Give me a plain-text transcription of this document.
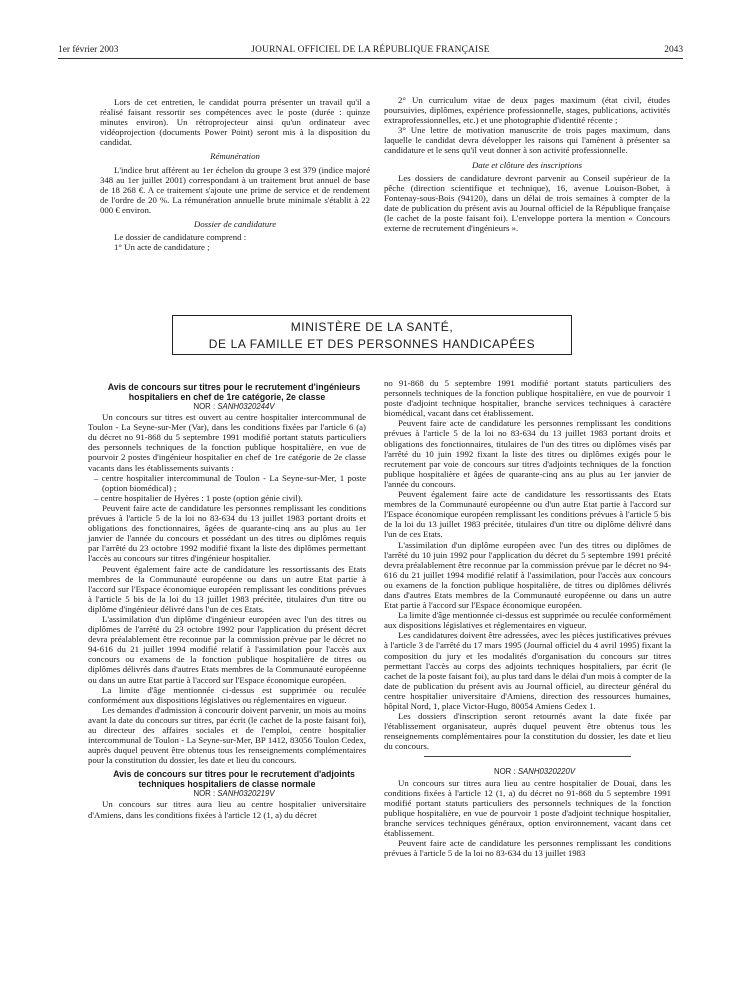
1er février 2003	JOURNAL OFFICIEL DE LA RÉPUBLIQUE FRANÇAISE	2043

Lors de cet entretien, le candidat pourra présenter un travail qu'il a réalisé faisant ressortir ses compétences avec le poste (durée : quinze minutes environ). Un rétroprojecteur ainsi qu'un ordinateur avec vidéoprojection (documents Power Point) seront mis à la disposition du candidat.

Rémunération

L'indice brut afférent au 1er échelon du groupe 3 est 379 (indice majoré 348 au 1er juillet 2001) correspondant à un traitement brut annuel de base de 18 268 €. A ce traitement s'ajoute une prime de service et de rendement de l'ordre de 20 %. La rémunération annuelle brute minimale s'établit à 22 000 € environ.

Dossier de candidature

Le dossier de candidature comprend :

1° Un acte de candidature ;

2° Un curriculum vitae de deux pages maximum (état civil, études poursuivies, diplômes, expérience professionnelle, stages, publications, activités extraprofessionnelles, etc.) et une photographie d'identité récente ;

3° Une lettre de motivation manuscrite de trois pages maximum, dans laquelle le candidat devra développer les raisons qui l'amènent à présenter sa candidature et le sens qu'il veut donner à son activité professionnelle.

Date et clôture des inscriptions

Les dossiers de candidature devront parvenir au Conseil supérieur de la pêche (direction scientifique et technique), 16, avenue Louison-Bobet, à Fontenay-sous-Bois (94120), dans un délai de trois semaines à compter de la date de publication du présent avis au Journal officiel de la République française (le cachet de la poste faisant foi). L'enveloppe portera la mention « Concours externe de recrutement d'ingénieurs ».

MINISTÈRE DE LA SANTÉ,
DE LA FAMILLE ET DES PERSONNES HANDICAPÉES

Avis de concours sur titres pour le recrutement d'ingénieurs hospitaliers en chef de 1re catégorie, 2e classe

NOR : SANH0320244V

Un concours sur titres est ouvert au centre hospitalier intercommunal de Toulon - La Seyne-sur-Mer (Var), dans les conditions fixées par l'article 6 (a) du décret no 91-868 du 5 septembre 1991 modifié portant statuts particuliers des personnels techniques de la fonction publique hospitalière, en vue de pourvoir 2 postes d'ingénieur hospitalier en chef de 1re catégorie de 2e classe vacants dans les établissements suivants :

– centre hospitalier intercommunal de Toulon - La Seyne-sur-Mer, 1 poste (option biomédical) ;

– centre hospitalier de Hyères : 1 poste (option génie civil).

Peuvent faire acte de candidature les personnes remplissant les conditions prévues à l'article 5 de la loi no 83-634 du 13 juillet 1983 portant droits et obligations des fonctionnaires, âgées de quarante-cinq ans au plus au 1er janvier de l'année du concours et possédant un des titres ou diplômes requis par l'arrêté du 23 octobre 1992 modifié fixant la liste des diplômes permettant l'accès au concours sur titres d'ingénieur hospitalier.

Peuvent également faire acte de candidature les ressortissants des Etats membres de la Communauté européenne ou dans un autre Etat partie à l'accord sur l'Espace économique européen remplissant les conditions prévues à l'article 5 bis de la loi du 13 juillet 1983 précitée, titulaires d'un titre ou diplôme d'ingénieur délivré dans l'un de ces Etats.

L'assimilation d'un diplôme d'ingénieur européen avec l'un des titres ou diplômes de l'arrêté du 23 octobre 1992 pour l'application du présent décret devra préalablement être reconnue par la commission prévue par le décret no 94-616 du 21 juillet 1994 modifié relatif à l'assimilation pour l'accès aux concours ou examens de la fonction publique hospitalière de titres ou diplômes délivrés dans d'autres Etats membres de la Communauté européenne ou dans un autre Etat partie à l'accord sur l'Espace économique européen.

La limite d'âge mentionnée ci-dessus est supprimée ou reculée conformément aux dispositions législatives ou réglementaires en vigueur.

Les demandes d'admission à concourir doivent parvenir, un mois au moins avant la date du concours sur titres, par écrit (le cachet de la poste faisant foi), au directeur des affaires sociales et de l'emploi, centre hospitalier intercommunal de Toulon - La Seyne-sur-Mer, BP 1412, 83056 Toulon Cedex, auprès duquel peuvent être obtenus tous les renseignements complémentaires pour la constitution du dossier, les date et lieu du concours.

Avis de concours sur titres pour le recrutement d'adjoints techniques hospitaliers de classe normale

NOR : SANH0320219V

Un concours sur titres aura lieu au centre hospitalier universitaire d'Amiens, dans les conditions fixées à l'article 12 (1, a) du décret

no 91-868 du 5 septembre 1991 modifié portant statuts particuliers des personnels techniques de la fonction publique hospitalière, en vue de pourvoir 1 poste d'adjoint technique hospitalier, branche services techniques à caractère biomédical, vacant dans cet établissement.

Peuvent faire acte de candidature les personnes remplissant les conditions prévues à l'article 5 de la loi no 83-634 du 13 juillet 1983 portant droits et obligations des fonctionnaires, titulaires de l'un des titres ou diplômes visés par l'arrêté du 10 juin 1992 fixant la liste des titres ou diplômes exigés pour le recrutement par voie de concours sur titres d'adjoints techniques de la fonction publique hospitalière et âgées de quarante-cinq ans au plus au 1er janvier de l'année du concours.

Peuvent également faire acte de candidature les ressortissants des Etats membres de la Communauté européenne ou d'un autre Etat partie à l'accord sur l'Espace économique européen remplissant les conditions prévues à l'article 5 bis de la loi du 13 juillet 1983 précitée, titulaires d'un titre ou diplôme délivré dans l'un de ces Etats.

L'assimilation d'un diplôme européen avec l'un des titres ou diplômes de l'arrêté du 10 juin 1992 pour l'application du décret du 5 septembre 1991 précité devra préalablement être reconnue par la commission prévue par le décret no 94-616 du 21 juillet 1994 modifié relatif à l'assimilation, pour l'accès aux concours ou examens de la fonction publique hospitalière, de titres ou diplômes délivrés dans d'autres Etats membres de la Communauté européenne ou dans un autre Etat partie à l'accord sur l'Espace économique européen.

La limite d'âge mentionnée ci-dessus est supprimée ou reculée conformément aux dispositions législatives et réglementaires en vigueur.

Les candidatures doivent être adressées, avec les pièces justificatives prévues à l'article 3 de l'arrêté du 17 mars 1995 (Journal officiel du 4 avril 1995) fixant la composition du jury et les modalités d'organisation du concours sur titres permettant l'accès au corps des adjoints techniques hospitaliers, par écrit (le cachet de la poste faisant foi), au plus tard dans le délai d'un mois à compter de la date de publication du présent avis au Journal officiel, au directeur général du centre hospitalier universitaire d'Amiens, direction des ressources humaines, hôpital Nord, 1, place Victor-Hugo, 80054 Amiens Cedex 1.

Les dossiers d'inscription seront retournés avant la date fixée par l'établissement organisateur, auprès duquel peuvent être obtenus tous les renseignements complémentaires pour la constitution du dossier, les date et lieu du concours.

NOR : SANH0320220V

Un concours sur titres aura lieu au centre hospitalier de Douai, dans les conditions fixées à l'article 12 (1, a) du décret no 91-868 du 5 septembre 1991 modifié portant statuts particuliers des personnels techniques de la fonction publique hospitalière, en vue de pourvoir 1 poste d'adjoint technique hospitalier, branche services techniques généraux, option environnement, vacant dans cet établissement.

Peuvent faire acte de candidature les personnes remplissant les conditions prévues à l'article 5 de la loi no 83-634 du 13 juillet 1983
